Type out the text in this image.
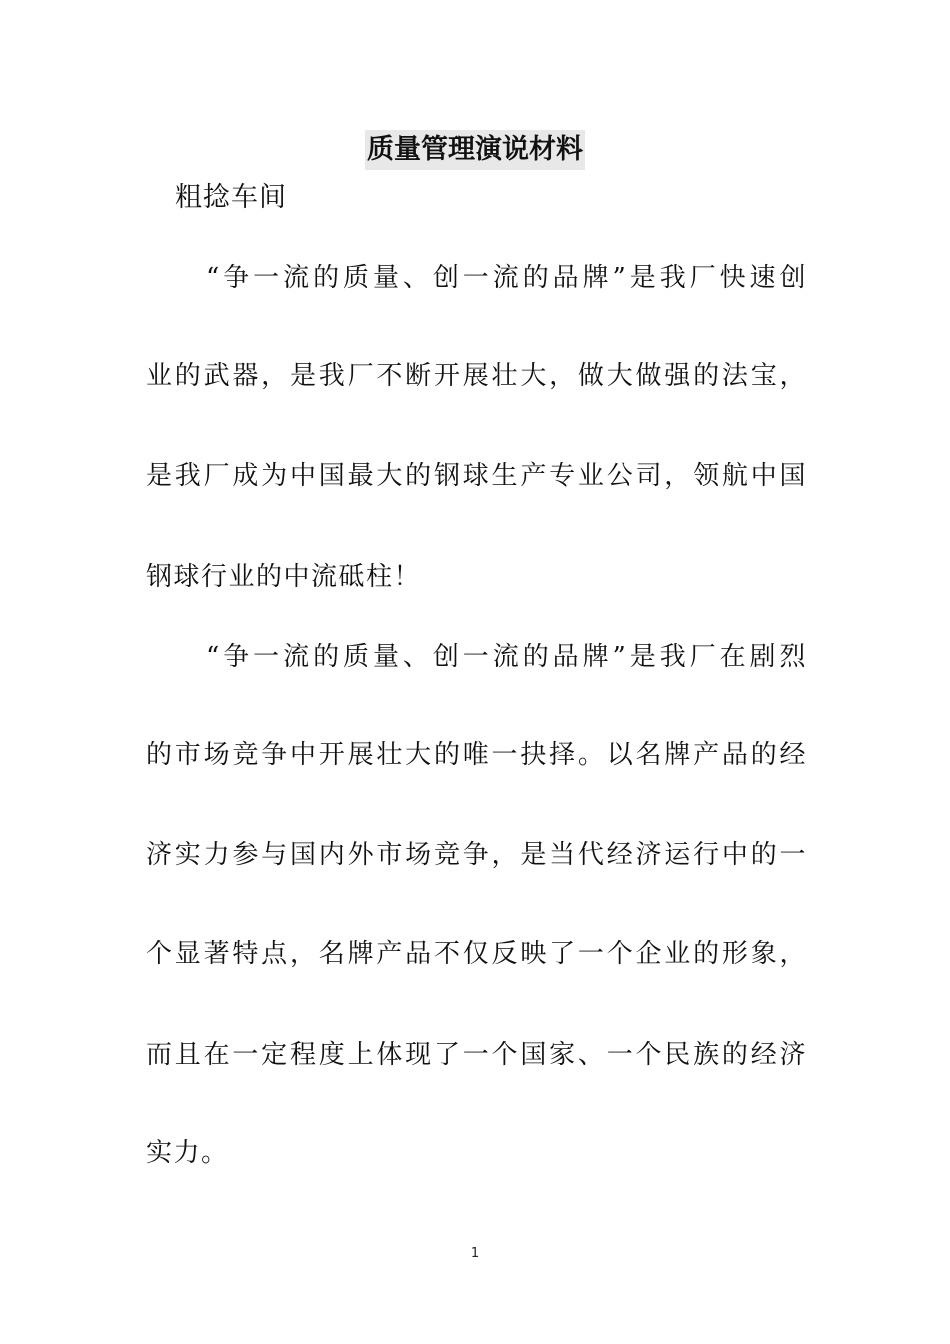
质量管理演说材料
粗捻车间
“争一流的质量、创一流的品牌”是我厂快速创
业的武器，是我厂不断开展壮大，做大做强的法宝，
是我厂成为中国最大的钢球生产专业公司，领航中国
钢球行业的中流砥柱！
“争一流的质量、创一流的品牌”是我厂在剧烈
的市场竞争中开展壮大的唯一抉择。以名牌产品的经
济实力参与国内外市场竞争，是当代经济运行中的一
个显著特点，名牌产品不仅反映了一个企业的形象，
而且在一定程度上体现了一个国家、一个民族的经济
实力。
1
